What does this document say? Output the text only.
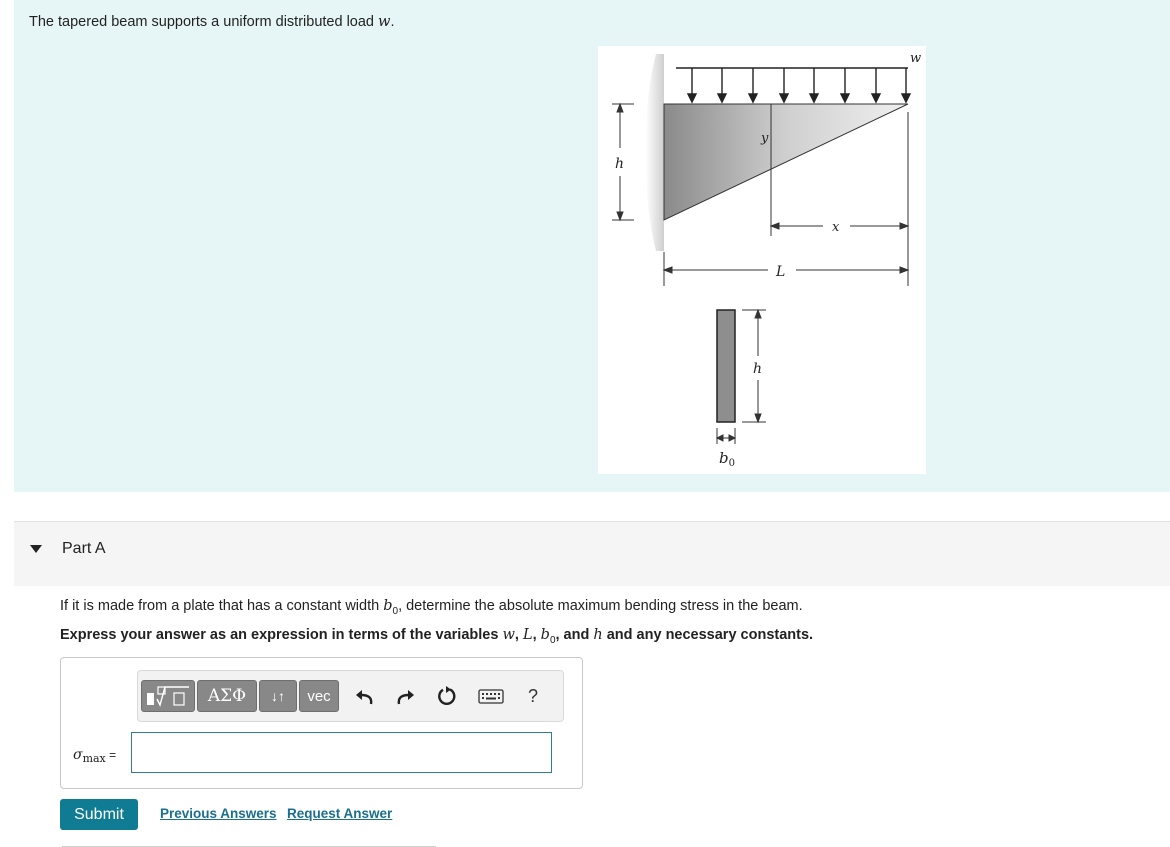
The tapered beam supports a uniform distributed load w.
w
y
h
x
L
h
$b_0$
Part A
If it is made from a plate that has a constant width $b_0$, determine the absolute maximum bending stress in the beam.
Express your answer as an expression in terms of the variables w, L, $b_0$, and h and any necessary constants.
ΑΣΦ ↓↑ vec	?
$\sigma_{max}$ =
Submit	Previous Answers Request Answer
